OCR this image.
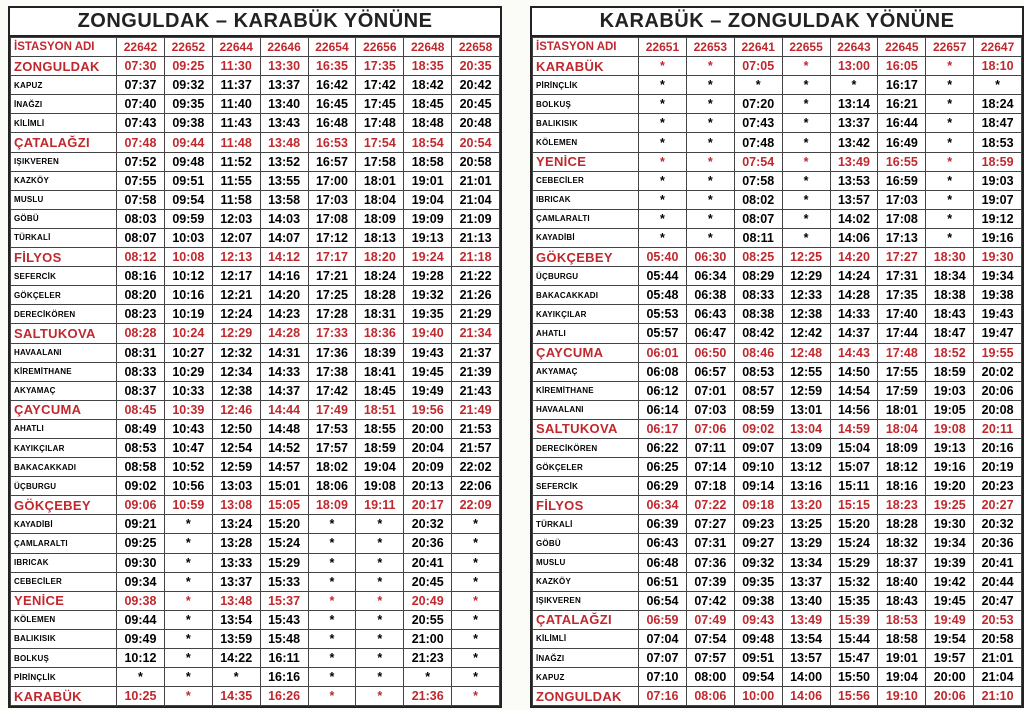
ZONGULDAK – KARABÜK YÖNÜNE
İSTASYON ADI	22642	22652	22644	22646	22654	22656	22648	22658
ZONGULDAK	07:30	09:25	11:30	13:30	16:35	17:35	18:35	20:35
KAPUZ	07:37	09:32	11:37	13:37	16:42	17:42	18:42	20:42
İNAĞZI	07:40	09:35	11:40	13:40	16:45	17:45	18:45	20:45
KİLİMLİ	07:43	09:38	11:43	13:43	16:48	17:48	18:48	20:48
ÇATALAĞZI	07:48	09:44	11:48	13:48	16:53	17:54	18:54	20:54
IŞIKVEREN	07:52	09:48	11:52	13:52	16:57	17:58	18:58	20:58
KAZKÖY	07:55	09:51	11:55	13:55	17:00	18:01	19:01	21:01
MUSLU	07:58	09:54	11:58	13:58	17:03	18:04	19:04	21:04
GÖBÜ	08:03	09:59	12:03	14:03	17:08	18:09	19:09	21:09
TÜRKALİ	08:07	10:03	12:07	14:07	17:12	18:13	19:13	21:13
FİLYOS	08:12	10:08	12:13	14:12	17:17	18:20	19:24	21:18
SEFERCİK	08:16	10:12	12:17	14:16	17:21	18:24	19:28	21:22
GÖKÇELER	08:20	10:16	12:21	14:20	17:25	18:28	19:32	21:26
DERECİKÖREN	08:23	10:19	12:24	14:23	17:28	18:31	19:35	21:29
SALTUKOVA	08:28	10:24	12:29	14:28	17:33	18:36	19:40	21:34
HAVAALANI	08:31	10:27	12:32	14:31	17:36	18:39	19:43	21:37
KİREMİTHANE	08:33	10:29	12:34	14:33	17:38	18:41	19:45	21:39
AKYAMAÇ	08:37	10:33	12:38	14:37	17:42	18:45	19:49	21:43
ÇAYCUMA	08:45	10:39	12:46	14:44	17:49	18:51	19:56	21:49
AHATLI	08:49	10:43	12:50	14:48	17:53	18:55	20:00	21:53
KAYIKÇILAR	08:53	10:47	12:54	14:52	17:57	18:59	20:04	21:57
BAKACAKKADI	08:58	10:52	12:59	14:57	18:02	19:04	20:09	22:02
ÜÇBURGU	09:02	10:56	13:03	15:01	18:06	19:08	20:13	22:06
GÖKÇEBEY	09:06	10:59	13:08	15:05	18:09	19:11	20:17	22:09
KAYADİBİ	09:21	*	13:24	15:20	*	*	20:32	*
ÇAMLARALTI	09:25	*	13:28	15:24	*	*	20:36	*
IBRICAK	09:30	*	13:33	15:29	*	*	20:41	*
CEBECİLER	09:34	*	13:37	15:33	*	*	20:45	*
YENİCE	09:38	*	13:48	15:37	*	*	20:49	*
KÖLEMEN	09:44	*	13:54	15:43	*	*	20:55	*
BALIKISIK	09:49	*	13:59	15:48	*	*	21:00	*
BOLKUŞ	10:12	*	14:22	16:11	*	*	21:23	*
PİRİNÇLİK	*	*	*	16:16	*	*	*	*
KARABÜK	10:25	*	14:35	16:26	*	*	21:36	*
KARABÜK – ZONGULDAK YÖNÜNE
İSTASYON ADI	22651	22653	22641	22655	22643	22645	22657	22647
KARABÜK	*	*	07:05	*	13:00	16:05	*	18:10
PİRİNÇLİK	*	*	*	*	*	16:17	*	*
BOLKUŞ	*	*	07:20	*	13:14	16:21	*	18:24
BALIKISIK	*	*	07:43	*	13:37	16:44	*	18:47
KÖLEMEN	*	*	07:48	*	13:42	16:49	*	18:53
YENİCE	*	*	07:54	*	13:49	16:55	*	18:59
CEBECİLER	*	*	07:58	*	13:53	16:59	*	19:03
IBRICAK	*	*	08:02	*	13:57	17:03	*	19:07
ÇAMLARALTI	*	*	08:07	*	14:02	17:08	*	19:12
KAYADİBİ	*	*	08:11	*	14:06	17:13	*	19:16
GÖKÇEBEY	05:40	06:30	08:25	12:25	14:20	17:27	18:30	19:30
ÜÇBURGU	05:44	06:34	08:29	12:29	14:24	17:31	18:34	19:34
BAKACAKKADI	05:48	06:38	08:33	12:33	14:28	17:35	18:38	19:38
KAYIKÇILAR	05:53	06:43	08:38	12:38	14:33	17:40	18:43	19:43
AHATLI	05:57	06:47	08:42	12:42	14:37	17:44	18:47	19:47
ÇAYCUMA	06:01	06:50	08:46	12:48	14:43	17:48	18:52	19:55
AKYAMAÇ	06:08	06:57	08:53	12:55	14:50	17:55	18:59	20:02
KİREMİTHANE	06:12	07:01	08:57	12:59	14:54	17:59	19:03	20:06
HAVAALANI	06:14	07:03	08:59	13:01	14:56	18:01	19:05	20:08
SALTUKOVA	06:17	07:06	09:02	13:04	14:59	18:04	19:08	20:11
DERECİKÖREN	06:22	07:11	09:07	13:09	15:04	18:09	19:13	20:16
GÖKÇELER	06:25	07:14	09:10	13:12	15:07	18:12	19:16	20:19
SEFERCİK	06:29	07:18	09:14	13:16	15:11	18:16	19:20	20:23
FİLYOS	06:34	07:22	09:18	13:20	15:15	18:23	19:25	20:27
TÜRKALİ	06:39	07:27	09:23	13:25	15:20	18:28	19:30	20:32
GÖBÜ	06:43	07:31	09:27	13:29	15:24	18:32	19:34	20:36
MUSLU	06:48	07:36	09:32	13:34	15:29	18:37	19:39	20:41
KAZKÖY	06:51	07:39	09:35	13:37	15:32	18:40	19:42	20:44
IŞIKVEREN	06:54	07:42	09:38	13:40	15:35	18:43	19:45	20:47
ÇATALAĞZI	06:59	07:49	09:43	13:49	15:39	18:53	19:49	20:53
KİLİMLİ	07:04	07:54	09:48	13:54	15:44	18:58	19:54	20:58
İNAĞZI	07:07	07:57	09:51	13:57	15:47	19:01	19:57	21:01
KAPUZ	07:10	08:00	09:54	14:00	15:50	19:04	20:00	21:04
ZONGULDAK	07:16	08:06	10:00	14:06	15:56	19:10	20:06	21:10
